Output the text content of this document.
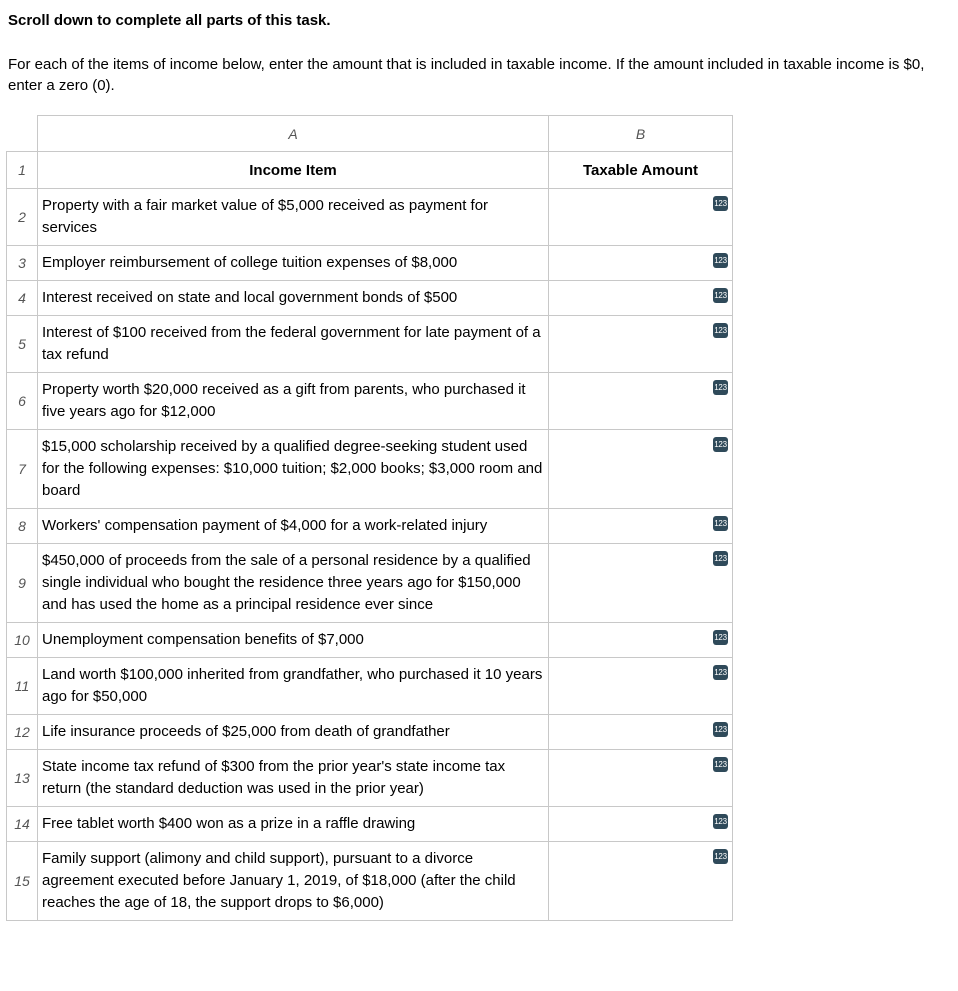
Scroll down to complete all parts of this task.
For each of the items of income below, enter the amount that is included in taxable income. If the amount included in taxable income is $0, enter a zero (0).
	A	B
1	Income Item	Taxable Amount
2	Property with a fair market value of $5,000 received as payment for services	123

3	Employer reimbursement of college tuition expenses of $8,000	123

4	Interest received on state and local government bonds of $500	123

5	Interest of $100 received from the federal government for late payment of a tax refund	123

6	Property worth $20,000 received as a gift from parents, who purchased it five years ago for $12,000	123

7	$15,000 scholarship received by a qualified degree-seeking student used for the following expenses: $10,000 tuition; $2,000 books; $3,000 room and board	123

8	Workers' compensation payment of $4,000 for a work-related injury	123

9	$450,000 of proceeds from the sale of a personal residence by a qualified single individual who bought the residence three years ago for $150,000 and has used the home as a principal residence ever since	123

10	Unemployment compensation benefits of $7,000	123

11	Land worth $100,000 inherited from grandfather, who purchased it 10 years ago for $50,000	123

12	Life insurance proceeds of $25,000 from death of grandfather	123

13	State income tax refund of $300 from the prior year's state income tax return (the standard deduction was used in the prior year)	123

14	Free tablet worth $400 won as a prize in a raffle drawing	123

15	Family support (alimony and child support), pursuant to a divorce agreement executed before January 1, 2019, of $18,000 (after the child reaches the age of 18, the support drops to $6,000)	123
